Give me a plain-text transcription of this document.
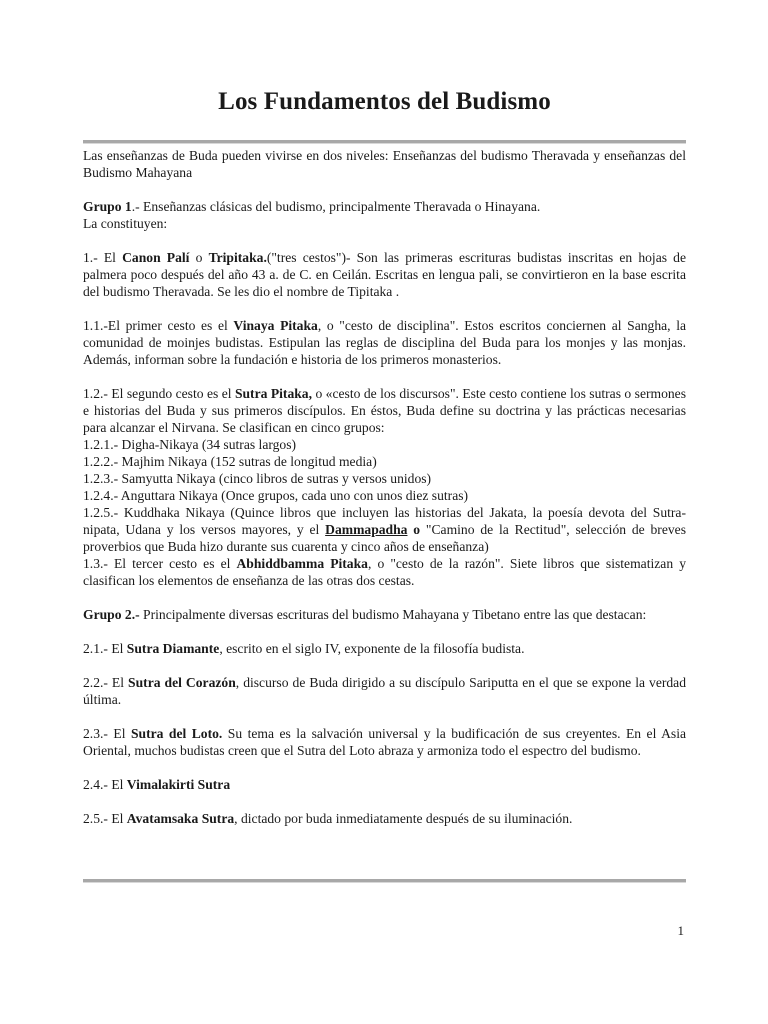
Los Fundamentos del Budismo

Las enseñanzas de Buda pueden vivirse en dos niveles: Enseñanzas del budismo Theravada y enseñanzas del Budismo Mahayana

Grupo 1.- Enseñanzas clásicas del budismo, principalmente Theravada o Hinayana.
La constituyen:

1.- El Canon Palí o Tripitaka.("tres cestos")- Son las primeras escrituras budistas inscritas en hojas de palmera poco después del año 43 a. de C. en Ceilán. Escritas en lengua pali, se convirtieron en la base escrita del budismo Theravada. Se les dio el nombre de Tipitaka .

1.1.-El primer cesto es el Vinaya Pitaka, o "cesto de disciplina". Estos escritos conciernen al Sangha, la comunidad de moinjes budistas. Estipulan las reglas de disciplina del Buda para los monjes y las monjas. Además, informan sobre la fundación e historia de los primeros monasterios.

1.2.- El segundo cesto es el Sutra Pitaka, o «cesto de los discursos". Este cesto contiene los sutras o sermones e historias del Buda y sus primeros discípulos. En éstos, Buda define su doctrina y las prácticas necesarias para alcanzar el Nirvana. Se clasifican en cinco grupos:

1.2.1.- Digha-Nikaya (34 sutras largos)
1.2.2.- Majhim Nikaya (152 sutras de longitud media)
1.2.3.- Samyutta Nikaya (cinco libros de sutras y versos unidos)
1.2.4.- Anguttara Nikaya (Once grupos, cada uno con unos diez sutras)

1.2.5.- Kuddhaka Nikaya (Quince libros que incluyen las historias del Jakata, la poesía devota del Sutra-nipata, Udana y los versos mayores, y el Dammapadha o "Camino de la Rectitud", selección de breves proverbios que Buda hizo durante sus cuarenta y cinco años de enseñanza)

1.3.- El tercer cesto es el Abhiddbamma Pitaka, o "cesto de la razón". Siete libros que sistematizan y clasifican los elementos de enseñanza de las otras dos cestas.

Grupo 2.- Principalmente diversas escrituras del budismo Mahayana y Tibetano entre las que destacan:

2.1.- El Sutra Diamante, escrito en el siglo IV, exponente de la filosofía budista.

2.2.- El Sutra del Corazón, discurso de Buda dirigido a su discípulo Sariputta en el que se expone la verdad última.

2.3.- El Sutra del Loto. Su tema es la salvación universal y la budificación de sus creyentes. En el Asia Oriental, muchos budistas creen que el Sutra del Loto abraza y armoniza todo el espectro del budismo.

2.4.- El Vimalakirti Sutra

2.5.- El Avatamsaka Sutra, dictado por buda inmediatamente después de su iluminación.

1
